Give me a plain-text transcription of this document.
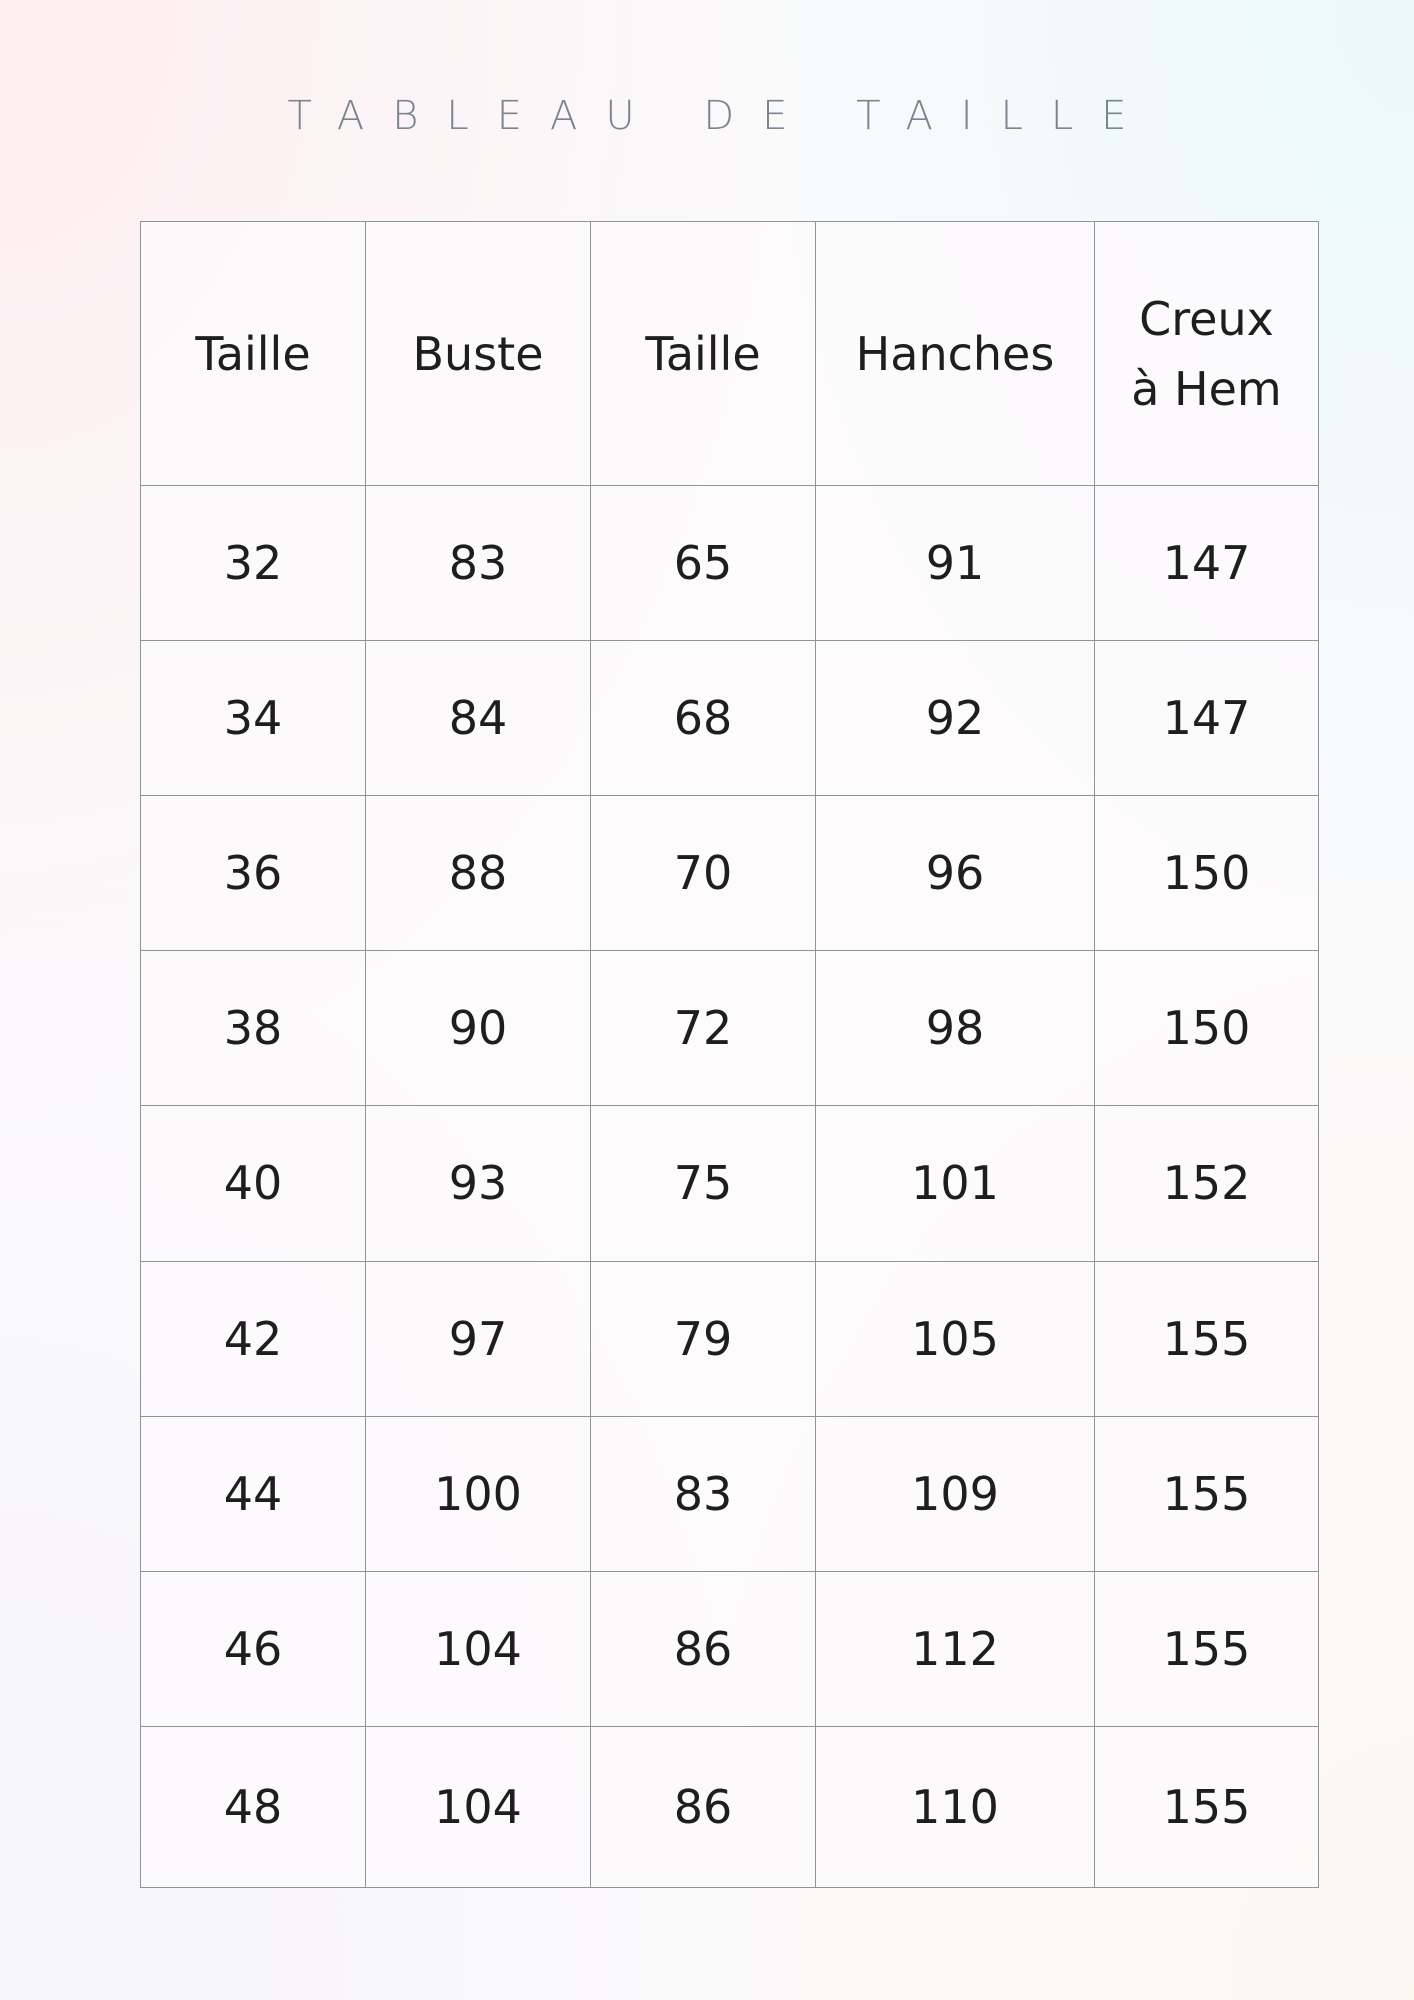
TABLEAU DE TAILLE
Taille	Buste	Taille	Hanches	Creux
à Hem

32	83	65	91	147
34	84	68	92	147
36	88	70	96	150
38	90	72	98	150
40	93	75	101	152
42	97	79	105	155
44	100	83	109	155
46	104	86	112	155
48	104	86	110	155
